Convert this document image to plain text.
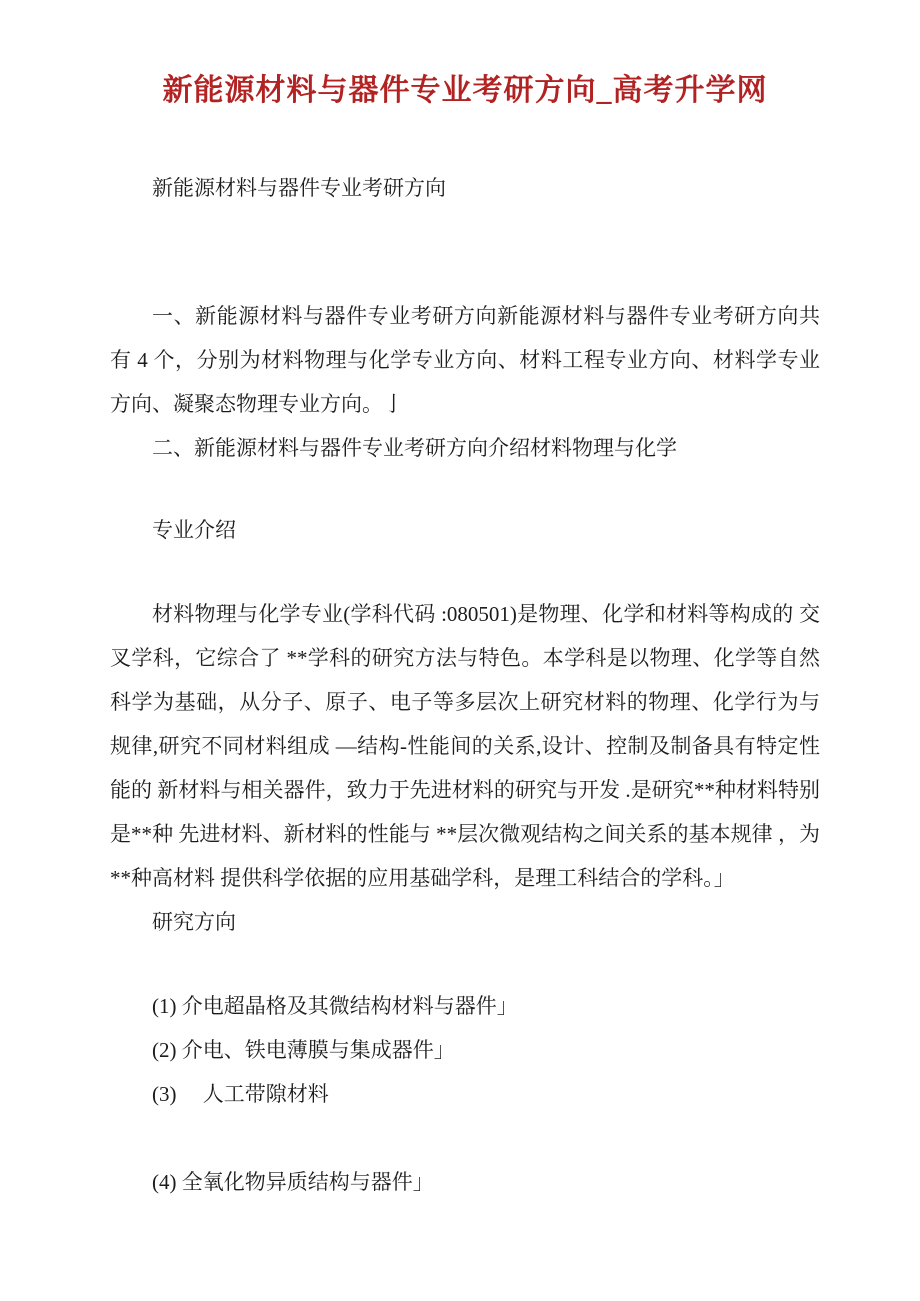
新能源材料与器件专业考研方向_高考升学网
新能源材料与器件专业考研方向

一、新能源材料与器件专业考研方向新能源材料与器件专业考研方向共有 4 个，分别为材料物理与化学专业方向、材料工程专业方向、材料学专业方向、凝聚态物理专业方向。亅

二、新能源材料与器件专业考研方向介绍材料物理与化学

专业介绍

材料物理与化学专业(学科代码 :080501)是物理、化学和材料等构成的 交叉学科，它综合了 **学科的研究方法与特色。本学科是以物理、化学等自然科学为基础，从分子、原子、电子等多层次上研究材料的物理、化学行为与规律,研究不同材料组成 —结构-性能间的关系,设计、控制及制备具有特定性能的 新材料与相关器件，致力于先进材料的研究与开发 .是研究**种材料特别是**种 先进材料、新材料的性能与 **层次微观结构之间关系的基本规律 ，为**种高材料 提供科学依据的应用基础学科，是理工科结合的学科。」

研究方向
(1) 介电超晶格及其微结构材料与器件」
(2) 介电、铁电薄膜与集成器件」
(3)　 人工带隙材料
(4) 全氧化物异质结构与器件」
